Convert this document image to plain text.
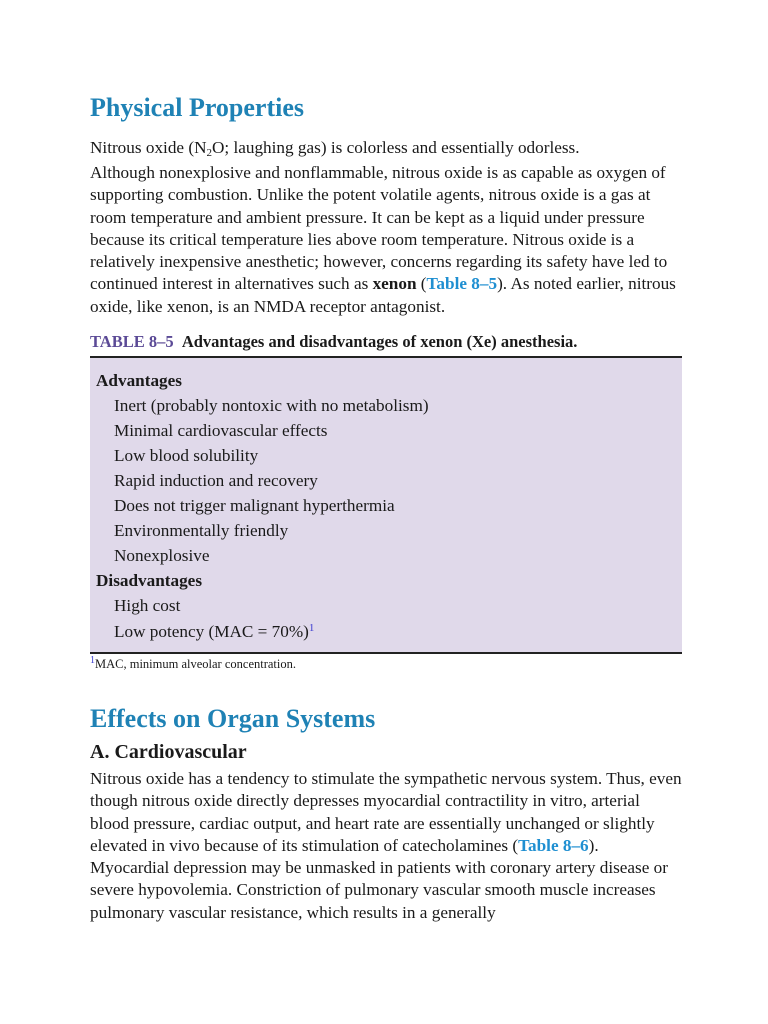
Physical Properties

Nitrous oxide ($N_2O$; laughing gas) is colorless and essentially odorless.

Although nonexplosive and nonflammable, nitrous oxide is as capable as oxygen of supporting combustion. Unlike the potent volatile agents, nitrous oxide is a gas at room temperature and ambient pressure. It can be kept as a liquid under pressure because its critical temperature lies above room temperature. Nitrous oxide is a relatively inexpensive anesthetic; however, concerns regarding its safety have led to continued interest in alternatives such as xenon (Table 8–5). As noted earlier, nitrous oxide, like xenon, is an NMDA receptor antagonist.

TABLE 8–5 Advantages and disadvantages of xenon (Xe) anesthesia.
Advantages
Inert (probably nontoxic with no metabolism)
Minimal cardiovascular effects
Low blood solubility
Rapid induction and recovery
Does not trigger malignant hyperthermia
Environmentally friendly
Nonexplosive
Disadvantages
High cost
Low potency (MAC = 70%)$^1$
$^1$MAC, minimum alveolar concentration.
Effects on Organ Systems
A. Cardiovascular

Nitrous oxide has a tendency to stimulate the sympathetic nervous system. Thus, even though nitrous oxide directly depresses myocardial contractility in vitro, arterial blood pressure, cardiac output, and heart rate are essentially unchanged or slightly elevated in vivo because of its stimulation of catecholamines (Table 8–6). Myocardial depression may be unmasked in patients with coronary artery disease or severe hypovolemia. Constriction of pulmonary vascular smooth muscle increases pulmonary vascular resistance, which results in a generally
